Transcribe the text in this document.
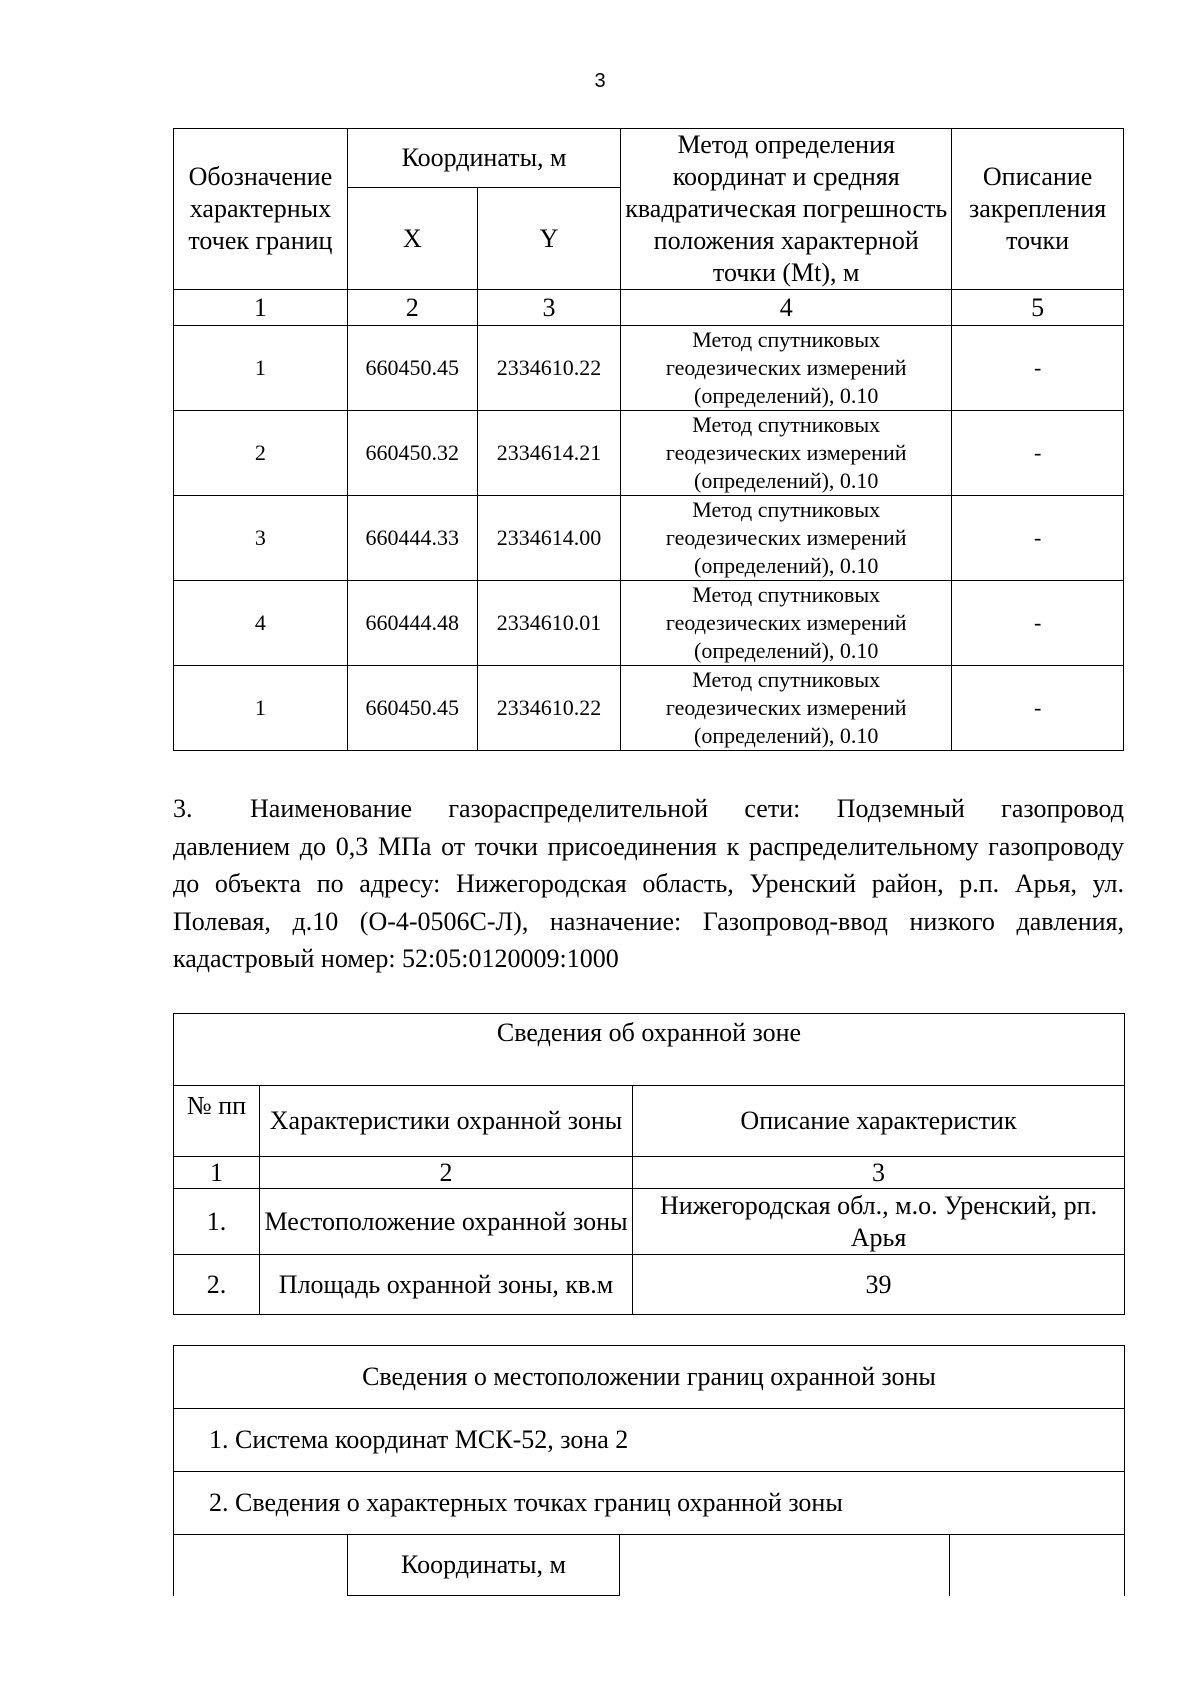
3
Обозначение характерных точек границ	Координаты, м		Метод определения координат и средняя квадратическая погрешность положения характерной точки (Mt), м	Описание закрепления точки
	X	Y		
1	2	3	4	5
1	660450.45	2334610.22	Метод спутниковых геодезических измерений (определений), 0.10	-
2	660450.32	2334614.21	Метод спутниковых геодезических измерений (определений), 0.10	-
3	660444.33	2334614.00	Метод спутниковых геодезических измерений (определений), 0.10	-
4	660444.48	2334610.01	Метод спутниковых геодезических измерений (определений), 0.10	-
1	660450.45	2334610.22	Метод спутниковых геодезических измерений (определений), 0.10	-

3. Наименование газораспределительной сети: Подземный газопровод давлением до 0,3 МПа от точки присоединения к распределительному газопроводу до объекта по адресу: Нижегородская область, Уренский район, р.п. Арья, ул. Полевая, д.10 (О-4-0506С-Л), назначение: Газопровод-ввод низкого давления, кадастровый номер: 52:05:0120009:1000

Сведения об охранной зоне		
№ пп	Характеристики охранной зоны	Описание характеристик
1	2	3
1.	Местоположение охранной зоны	Нижегородская обл., м.о. Уренский, рп. Арья
2.	Площадь охранной зоны, кв.м	39
Сведения о местоположении границ охранной зоны
1. Система координат МСК-52, зона 2
2. Сведения о характерных точках границ охранной зоны
	Координаты, м		
